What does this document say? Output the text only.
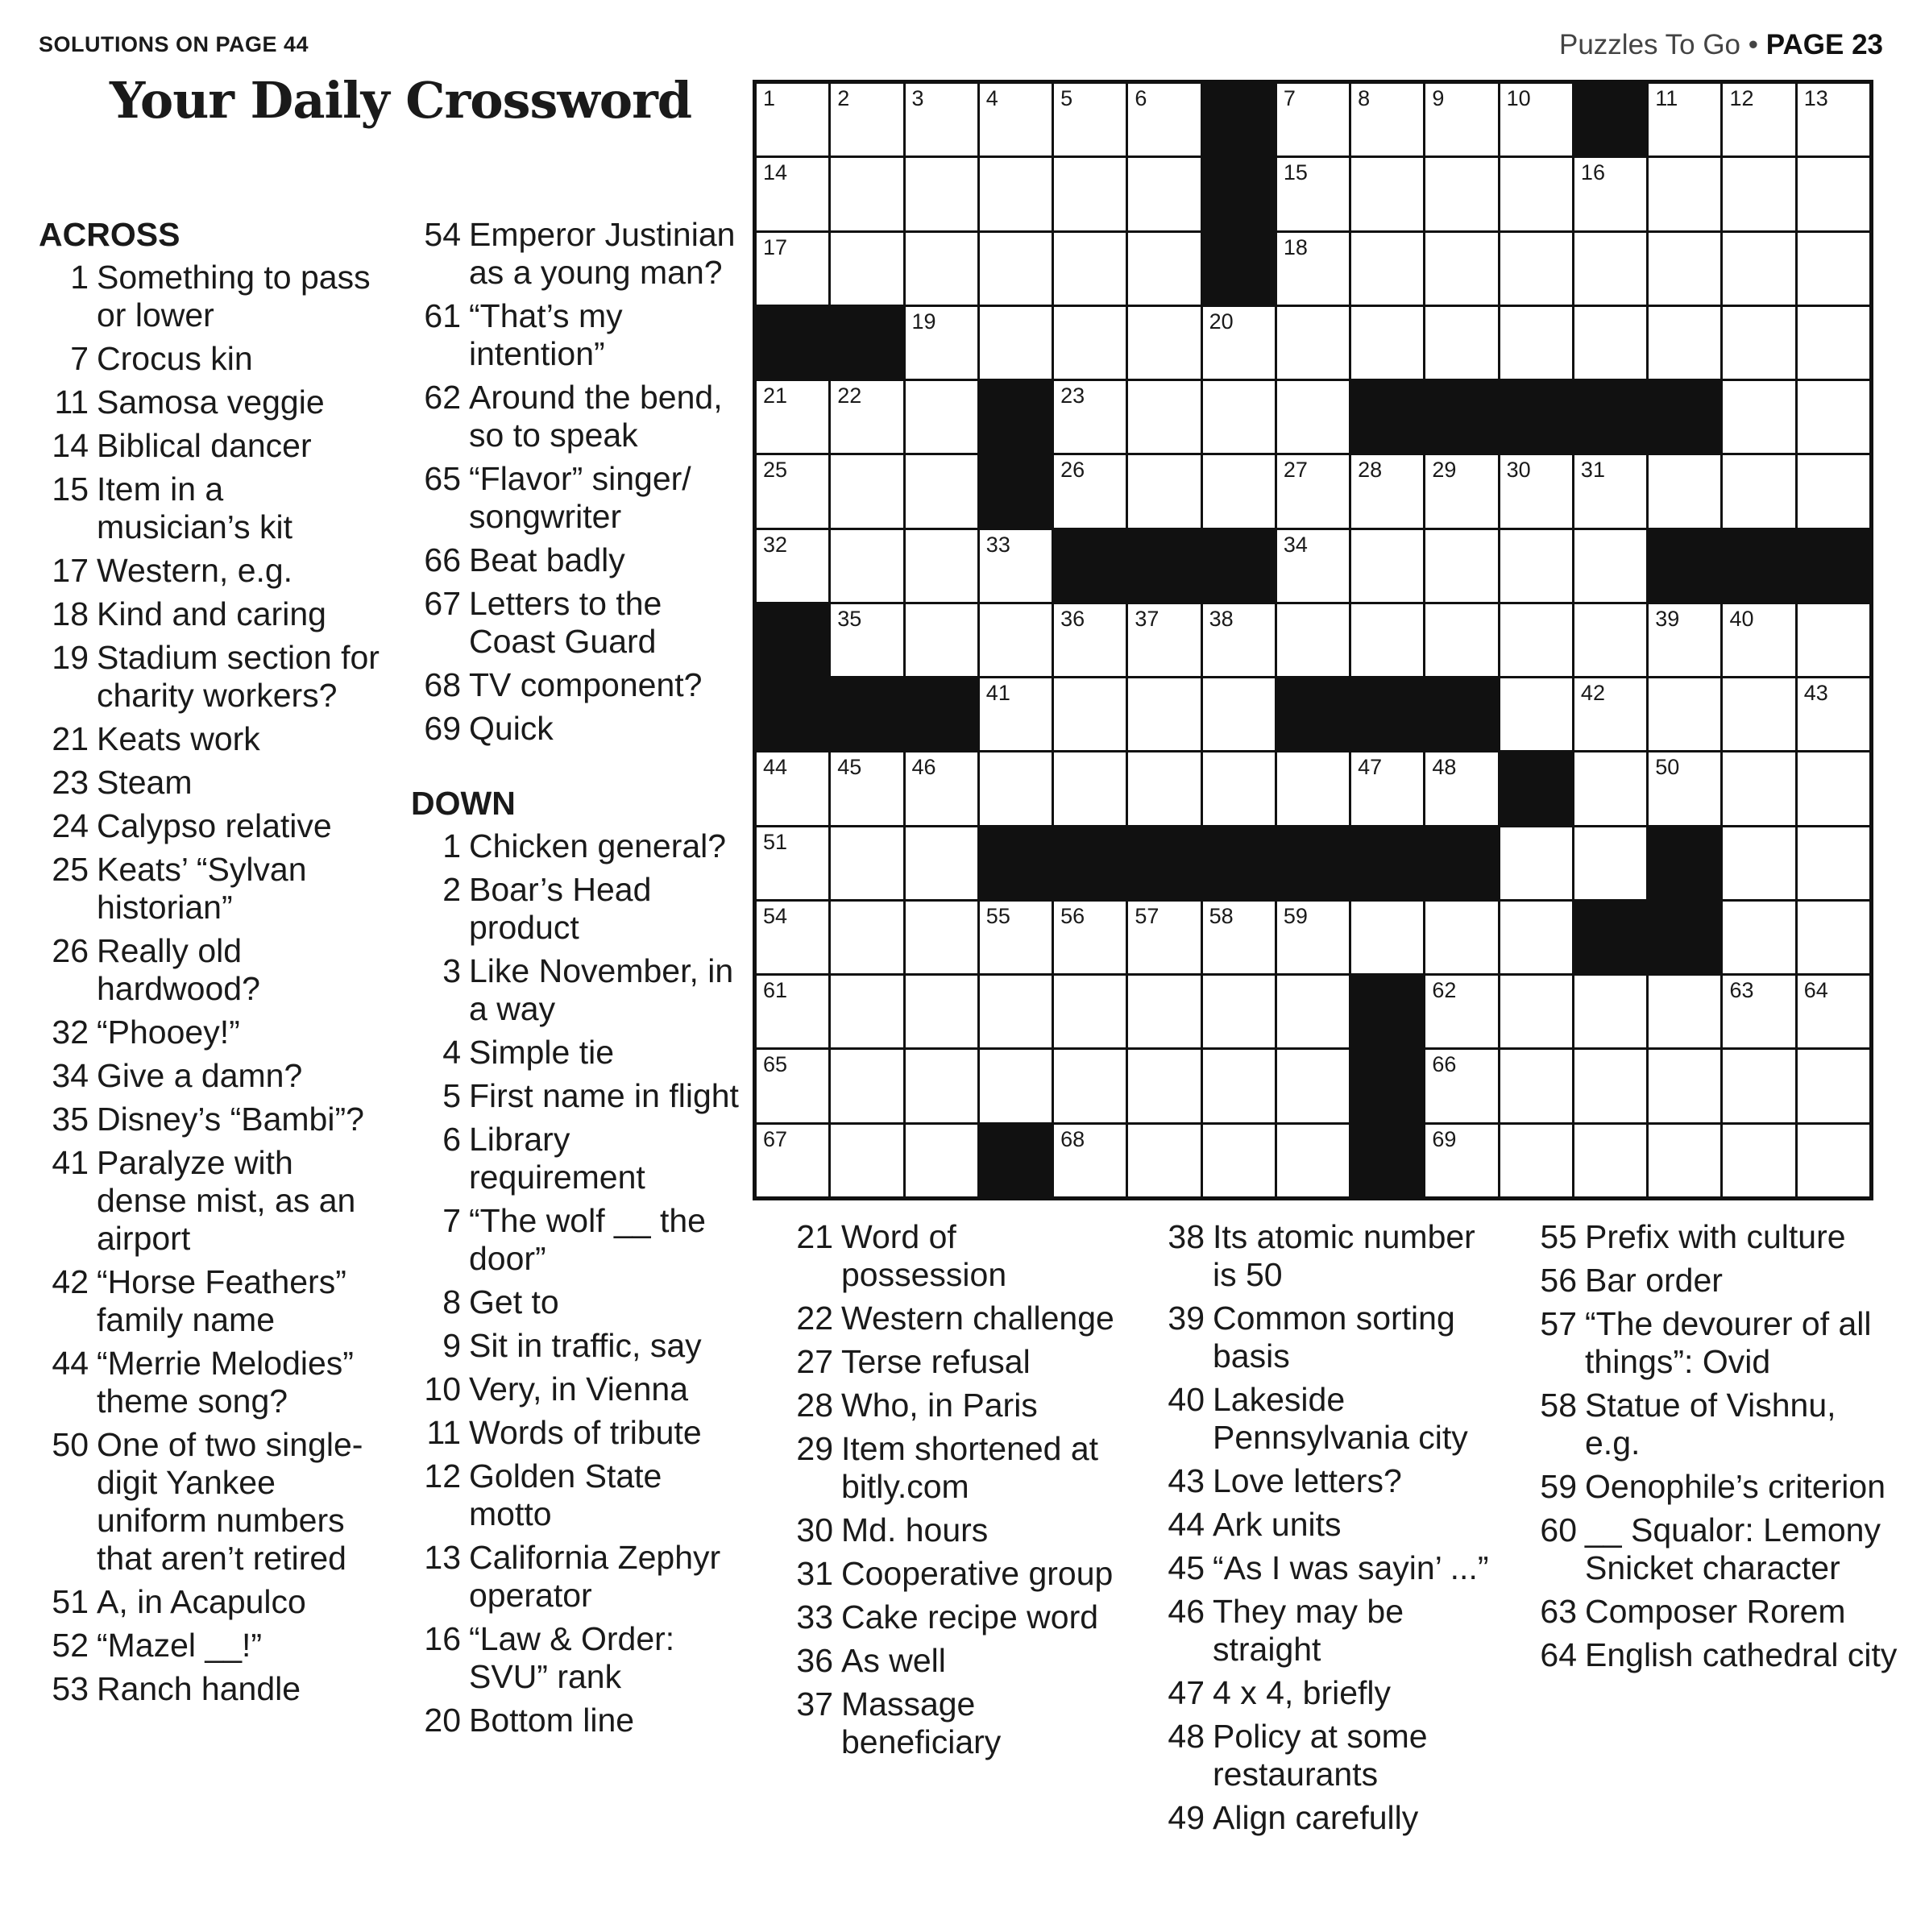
SOLUTIONS ON PAGE 44	Puzzles To Go • PAGE 23
Your Daily Crossword
ACROSS
1 Something to pass or lower
7 Crocus kin
11 Samosa veggie
14 Biblical dancer
15 Item in a musician’s kit
17 Western, e.g.
18 Kind and caring
19 Stadium section for charity workers?
21 Keats work
23 Steam
24 Calypso relative
25 Keats’ “Sylvan historian”
26 Really old hardwood?
32 “Phooey!”
34 Give a damn?
35 Disney’s “Bambi”?
41 Paralyze with dense mist, as an airport
42 “Horse Feathers” family name
44 “Merrie Melodies” theme song?
50 One of two single-digit Yankee uniform numbers that aren’t retired
51 A, in Acapulco
52 “Mazel __!”
53 Ranch handle
54 Emperor Justinian as a young man?
61 “That’s my intention”
62 Around the bend, so to speak
65 “Flavor” singer/ songwriter
66 Beat badly
67 Letters to the Coast Guard
68 TV component?
69 Quick
DOWN
1 Chicken general?
2 Boar’s Head product
3 Like November, in a way
4 Simple tie
5 First name in flight
6 Library requirement
7 “The wolf __ the door”
8 Get to
9 Sit in traffic, say
10 Very, in Vienna
11 Words of tribute
12 Golden State motto
13 California Zephyr operator
16 “Law & Order: SVU” rank
20 Bottom line
21 Word of possession
22 Western challenge
27 Terse refusal
28 Who, in Paris
29 Item shortened at bitly.com
30 Md. hours
31 Cooperative group
33 Cake recipe word
36 As well
37 Massage beneficiary
38 Its atomic number is 50
39 Common sorting basis
40 Lakeside Pennsylvania city
43 Love letters?
44 Ark units
45 “As I was sayin’ ...”
46 They may be straight
47 4 x 4, briefly
48 Policy at some restaurants
49 Align carefully
55 Prefix with culture
56 Bar order
57 “The devourer of all things”: Ovid
58 Statue of Vishnu, e.g.
59 Oenophile’s criterion
60 __ Squalor: Lemony Snicket character
63 Composer Rorem
64 English cathedral city
1	2	3	4	5	6	7	8	9	10	11 12 13
14	15	16
17	18
19	20
21 22	23
25	26	27 28 29 30 31
32	33	34
35	36 37 38	39 40
41	42	43
44 45 46	47 48	50
51
54	55 56 57 58 59
61	62	63 64
65	66
67	68	69
